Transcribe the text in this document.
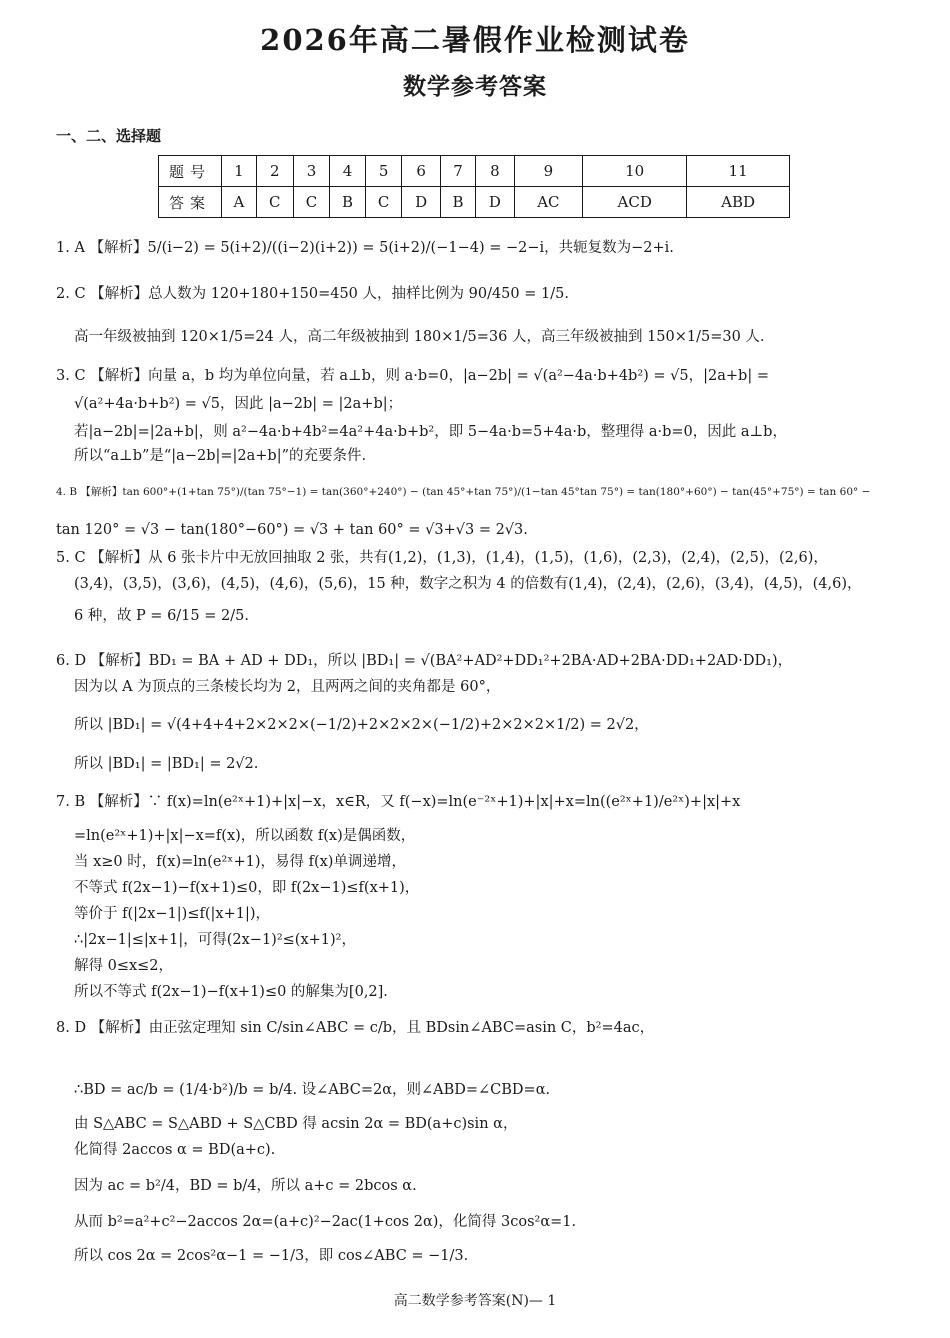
2026年高二暑假作业检测试卷
数学参考答案
一、二、选择题
题号	1	2	3	4	5	6	7	8	9	10	11
答案	A	C	C	B	C	D	B	D	AC	ACD	ABD
1. A 【解析】5/(i−2) = 5(i+2)/((i−2)(i+2)) = 5(i+2)/(−1−4) = −2−i，共轭复数为−2+i.
2. C 【解析】总人数为 120+180+150=450 人，抽样比例为 90/450 = 1/5.
高一年级被抽到 120×1/5=24 人，高二年级被抽到 180×1/5=36 人，高三年级被抽到 150×1/5=30 人.
3. C 【解析】向量 a，b 均为单位向量，若 a⊥b，则 a·b=0，|a−2b| = √(a²−4a·b+4b²) = √5，|2a+b| =
√(a²+4a·b+b²) = √5，因此 |a−2b| = |2a+b|；
若|a−2b|=|2a+b|，则 a²−4a·b+4b²=4a²+4a·b+b²，即 5−4a·b=5+4a·b，整理得 a·b=0，因此 a⊥b，
所以“a⊥b”是“|a−2b|=|2a+b|”的充要条件.
4. B 【解析】tan 600°+(1+tan 75°)/(tan 75°−1) = tan(360°+240°) − (tan 45°+tan 75°)/(1−tan 45°tan 75°) = tan(180°+60°) − tan(45°+75°) = tan 60° −
tan 120° = √3 − tan(180°−60°) = √3 + tan 60° = √3+√3 = 2√3.
5. C 【解析】从 6 张卡片中无放回抽取 2 张，共有(1,2)，(1,3)，(1,4)，(1,5)，(1,6)，(2,3)，(2,4)，(2,5)，(2,6)，
(3,4)，(3,5)，(3,6)，(4,5)，(4,6)，(5,6)，15 种，数字之积为 4 的倍数有(1,4)，(2,4)，(2,6)，(3,4)，(4,5)，(4,6)，
6 种，故 P = 6/15 = 2/5.
6. D 【解析】BD₁ = BA + AD + DD₁，所以 |BD₁| = √(BA²+AD²+DD₁²+2BA·AD+2BA·DD₁+2AD·DD₁)，
因为以 A 为顶点的三条棱长均为 2，且两两之间的夹角都是 60°，
所以 |BD₁| = √(4+4+4+2×2×2×(−1/2)+2×2×2×(−1/2)+2×2×2×1/2) = 2√2，
所以 |BD₁| = |BD₁| = 2√2.
7. B 【解析】∵ f(x)=ln(e²ˣ+1)+|x|−x，x∈R，又 f(−x)=ln(e⁻²ˣ+1)+|x|+x=ln((e²ˣ+1)/e²ˣ)+|x|+x
=ln(e²ˣ+1)+|x|−x=f(x)，所以函数 f(x)是偶函数，
当 x≥0 时，f(x)=ln(e²ˣ+1)，易得 f(x)单调递增，
不等式 f(2x−1)−f(x+1)≤0，即 f(2x−1)≤f(x+1)，
等价于 f(|2x−1|)≤f(|x+1|)，
∴|2x−1|≤|x+1|，可得(2x−1)²≤(x+1)²，
解得 0≤x≤2，
所以不等式 f(2x−1)−f(x+1)≤0 的解集为[0,2].
8. D 【解析】由正弦定理知 sin C/sin∠ABC = c/b，且 BDsin∠ABC=asin C，b²=4ac，
∴BD = ac/b = (1/4·b²)/b = b/4. 设∠ABC=2α，则∠ABD=∠CBD=α.
由 S△ABC = S△ABD + S△CBD 得 acsin 2α = BD(a+c)sin α，
化简得 2accos α = BD(a+c).
因为 ac = b²/4，BD = b/4，所以 a+c = 2bcos α.
从而 b²=a²+c²−2accos 2α=(a+c)²−2ac(1+cos 2α)，化简得 3cos²α=1.
所以 cos 2α = 2cos²α−1 = −1/3，即 cos∠ABC = −1/3.
高二数学参考答案(N)— 1
